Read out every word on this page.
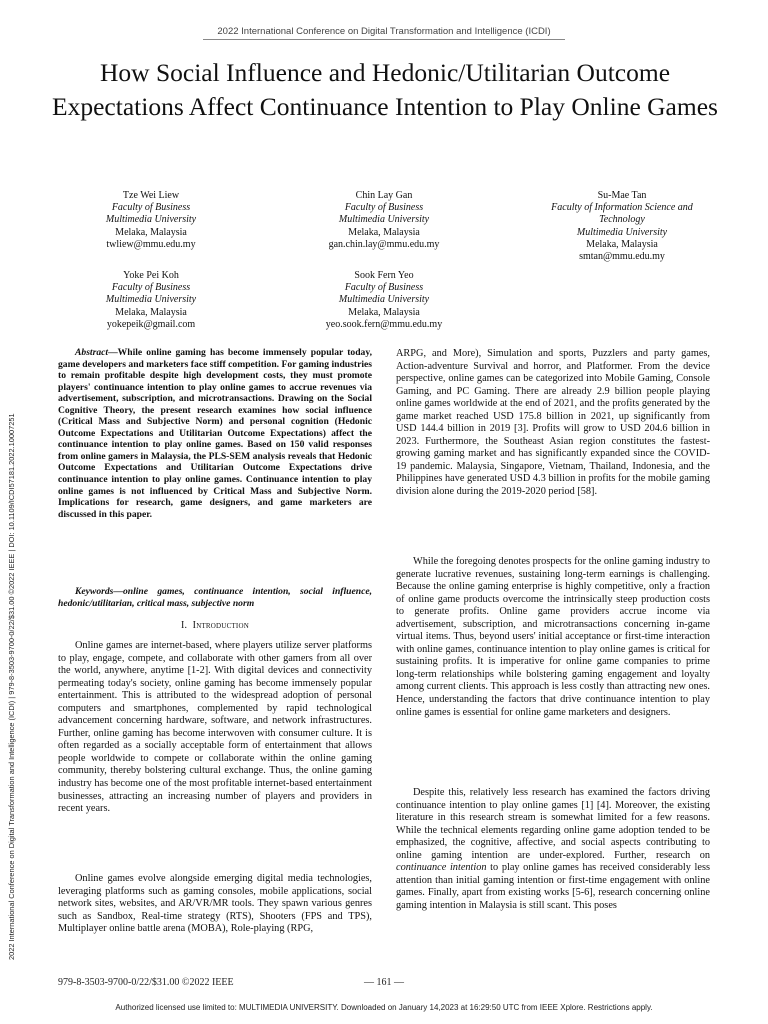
2022 International Conference on Digital Transformation and Intelligence (ICDI)
How Social Influence and Hedonic/Utilitarian Outcome Expectations Affect Continuance Intention to Play Online Games
Tze Wei Liew
Faculty of Business
Multimedia University
Melaka, Malaysia
twliew@mmu.edu.my
Chin Lay Gan
Faculty of Business
Multimedia University
Melaka, Malaysia
gan.chin.lay@mmu.edu.my
Su-Mae Tan
Faculty of Information Science and Technology
Multimedia University
Melaka, Malaysia
smtan@mmu.edu.my
Yoke Pei Koh
Faculty of Business
Multimedia University
Melaka, Malaysia
yokepeik@gmail.com
Sook Fern Yeo
Faculty of Business
Multimedia University
Melaka, Malaysia
yeo.sook.fern@mmu.edu.my
Abstract—While online gaming has become immensely popular today, game developers and marketers face stiff competition. For gaming industries to remain profitable despite high development costs, they must promote players' continuance intention to play online games to accrue revenues via advertisement, subscription, and microtransactions. Drawing on the Social Cognitive Theory, the present research examines how social influence (Critical Mass and Subjective Norm) and personal cognition (Hedonic Outcome Expectations and Utilitarian Outcome Expectations) affect the continuance intention to play online games. Based on 150 valid responses from online gamers in Malaysia, the PLS-SEM analysis reveals that Hedonic Outcome Expectations and Utilitarian Outcome Expectations drive continuance intention to play online games. Continuance intention to play online games is not influenced by Critical Mass and Subjective Norm. Implications for research, game designers, and game marketers are discussed in this paper.
Keywords—online games, continuance intention, social influence, hedonic/utilitarian, critical mass, subjective norm
I. Introduction

Online games are internet-based, where players utilize server platforms to play, engage, compete, and collaborate with other gamers from all over the world, anywhere, anytime [1-2]. With digital devices and connectivity permeating today's society, online gaming has become immensely popular entertainment. This is attributed to the widespread adoption of personal computers and smartphones, complemented by rapid technological advancement concerning hardware, software, and network infrastructures. Further, online gaming has become interwoven with consumer culture. It is often regarded as a socially acceptable form of entertainment that allows people worldwide to compete or collaborate within the online gaming community, thereby bolstering cultural exchange. Thus, the online gaming industry has become one of the most profitable internet-based entertainment businesses, attracting an increasing number of players and providers in recent years.

Online games evolve alongside emerging digital media technologies, leveraging platforms such as gaming consoles, mobile applications, social network sites, websites, and AR/VR/MR tools. They spawn various genres such as Sandbox, Real-time strategy (RTS), Shooters (FPS and TPS), Multiplayer online battle arena (MOBA), Role-playing (RPG,

ARPG, and More), Simulation and sports, Puzzlers and party games, Action-adventure Survival and horror, and Platformer. From the device perspective, online games can be categorized into Mobile Gaming, Console Gaming, and PC Gaming. There are already 2.9 billion people playing online games worldwide at the end of 2021, and the profits generated by the game market reached USD 175.8 billion in 2021, up significantly from USD 144.4 billion in 2019 [3]. Profits will grow to USD 204.6 billion in 2023. Furthermore, the Southeast Asian region constitutes the fastest-growing gaming market and has significantly expanded since the COVID-19 pandemic. Malaysia, Singapore, Vietnam, Thailand, Indonesia, and the Philippines have generated USD 4.3 billion in profits for the mobile gaming division alone during the 2019-2020 period [58].

While the foregoing denotes prospects for the online gaming industry to generate lucrative revenues, sustaining long-term earnings is challenging. Because the online gaming enterprise is highly competitive, only a fraction of online game products overcome the intrinsically steep production costs to generate profits. Online game providers accrue income via advertisement, subscription, and microtransactions concerning in-game virtual items. Thus, beyond users' initial acceptance or first-time interaction with online games, continuance intention to play online games is critical for sustaining profits. It is imperative for online game companies to prime long-term relationships while bolstering gaming engagement and loyalty among current clients. This approach is less costly than attracting new ones. Hence, understanding the factors that drive continuance intention to play online games is essential for online game marketers and designers.

Despite this, relatively less research has examined the factors driving continuance intention to play online games [1] [4]. Moreover, the existing literature in this research stream is somewhat limited for a few reasons. While the technical elements regarding online game adoption tended to be emphasized, the cognitive, affective, and social aspects contributing to online gaming intention are under-explored. Further, research on continuance intention to play online games has received considerably less attention than initial gaming intention or first-time engagement with online games. Finally, apart from existing works [5-6], research concerning online gaming intention in Malaysia is still scant. This poses

2022 International Conference on Digital Transformation and Intelligence (ICDI) | 979-8-3503-9700-0/22/$31.00 ©2022 IEEE | DOI: 10.1109/ICDI57181.2022.10007251
979-8-3503-9700-0/22/$31.00 ©2022 IEEE	— 161 —
Authorized licensed use limited to: MULTIMEDIA UNIVERSITY. Downloaded on January 14,2023 at 16:29:50 UTC from IEEE Xplore. Restrictions apply.
